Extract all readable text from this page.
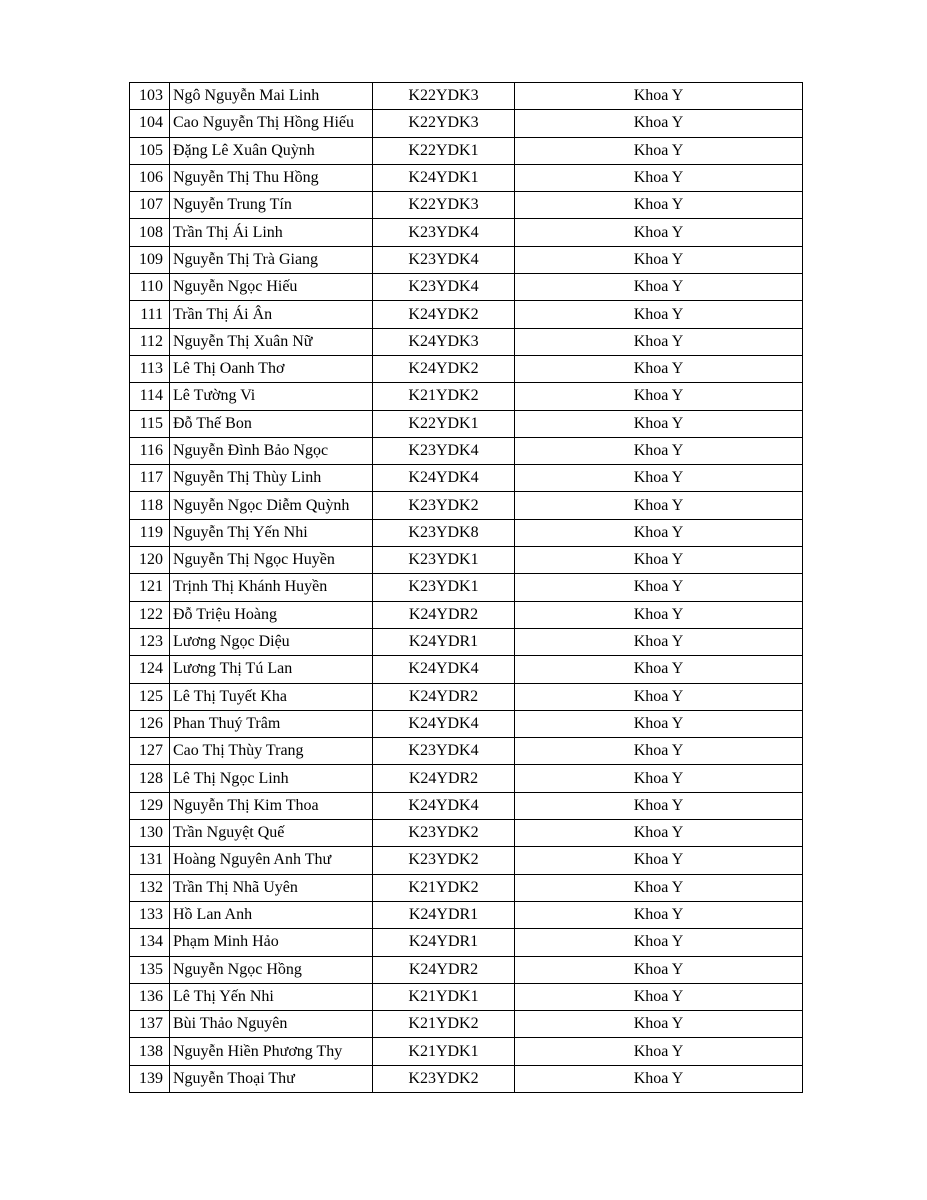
103	Ngô Nguyễn Mai Linh	K22YDK3	Khoa Y
104	Cao Nguyễn Thị Hồng Hiếu	K22YDK3	Khoa Y
105	Đặng Lê Xuân Quỳnh	K22YDK1	Khoa Y
106	Nguyễn Thị Thu Hồng	K24YDK1	Khoa Y
107	Nguyễn Trung Tín	K22YDK3	Khoa Y
108	Trần Thị Ái Linh	K23YDK4	Khoa Y
109	Nguyễn Thị Trà Giang	K23YDK4	Khoa Y
110	Nguyễn Ngọc Hiếu	K23YDK4	Khoa Y
111	Trần Thị Ái Ân	K24YDK2	Khoa Y
112	Nguyễn Thị Xuân Nữ	K24YDK3	Khoa Y
113	Lê Thị Oanh Thơ	K24YDK2	Khoa Y
114	Lê Tường Vi	K21YDK2	Khoa Y
115	Đỗ Thế Bon	K22YDK1	Khoa Y
116	Nguyễn Đình Bảo Ngọc	K23YDK4	Khoa Y
117	Nguyễn Thị Thùy Linh	K24YDK4	Khoa Y
118	Nguyễn Ngọc Diễm Quỳnh	K23YDK2	Khoa Y
119	Nguyễn Thị Yến Nhi	K23YDK8	Khoa Y
120	Nguyễn Thị Ngọc Huyền	K23YDK1	Khoa Y
121	Trịnh Thị Khánh Huyền	K23YDK1	Khoa Y
122	Đỗ Triệu Hoàng	K24YDR2	Khoa Y
123	Lương Ngọc Diệu	K24YDR1	Khoa Y
124	Lương Thị Tú Lan	K24YDK4	Khoa Y
125	Lê Thị Tuyết Kha	K24YDR2	Khoa Y
126	Phan Thuý Trâm	K24YDK4	Khoa Y
127	Cao Thị Thùy Trang	K23YDK4	Khoa Y
128	Lê Thị Ngọc Linh	K24YDR2	Khoa Y
129	Nguyễn Thị Kim Thoa	K24YDK4	Khoa Y
130	Trần Nguyệt Quế	K23YDK2	Khoa Y
131	Hoàng Nguyên Anh Thư	K23YDK2	Khoa Y
132	Trần Thị Nhã Uyên	K21YDK2	Khoa Y
133	Hồ Lan Anh	K24YDR1	Khoa Y
134	Phạm Minh Hảo	K24YDR1	Khoa Y
135	Nguyễn Ngọc Hồng	K24YDR2	Khoa Y
136	Lê Thị Yến Nhi	K21YDK1	Khoa Y
137	Bùi Thảo Nguyên	K21YDK2	Khoa Y
138	Nguyễn Hiền Phương Thy	K21YDK1	Khoa Y
139	Nguyễn Thoại Thư	K23YDK2	Khoa Y
